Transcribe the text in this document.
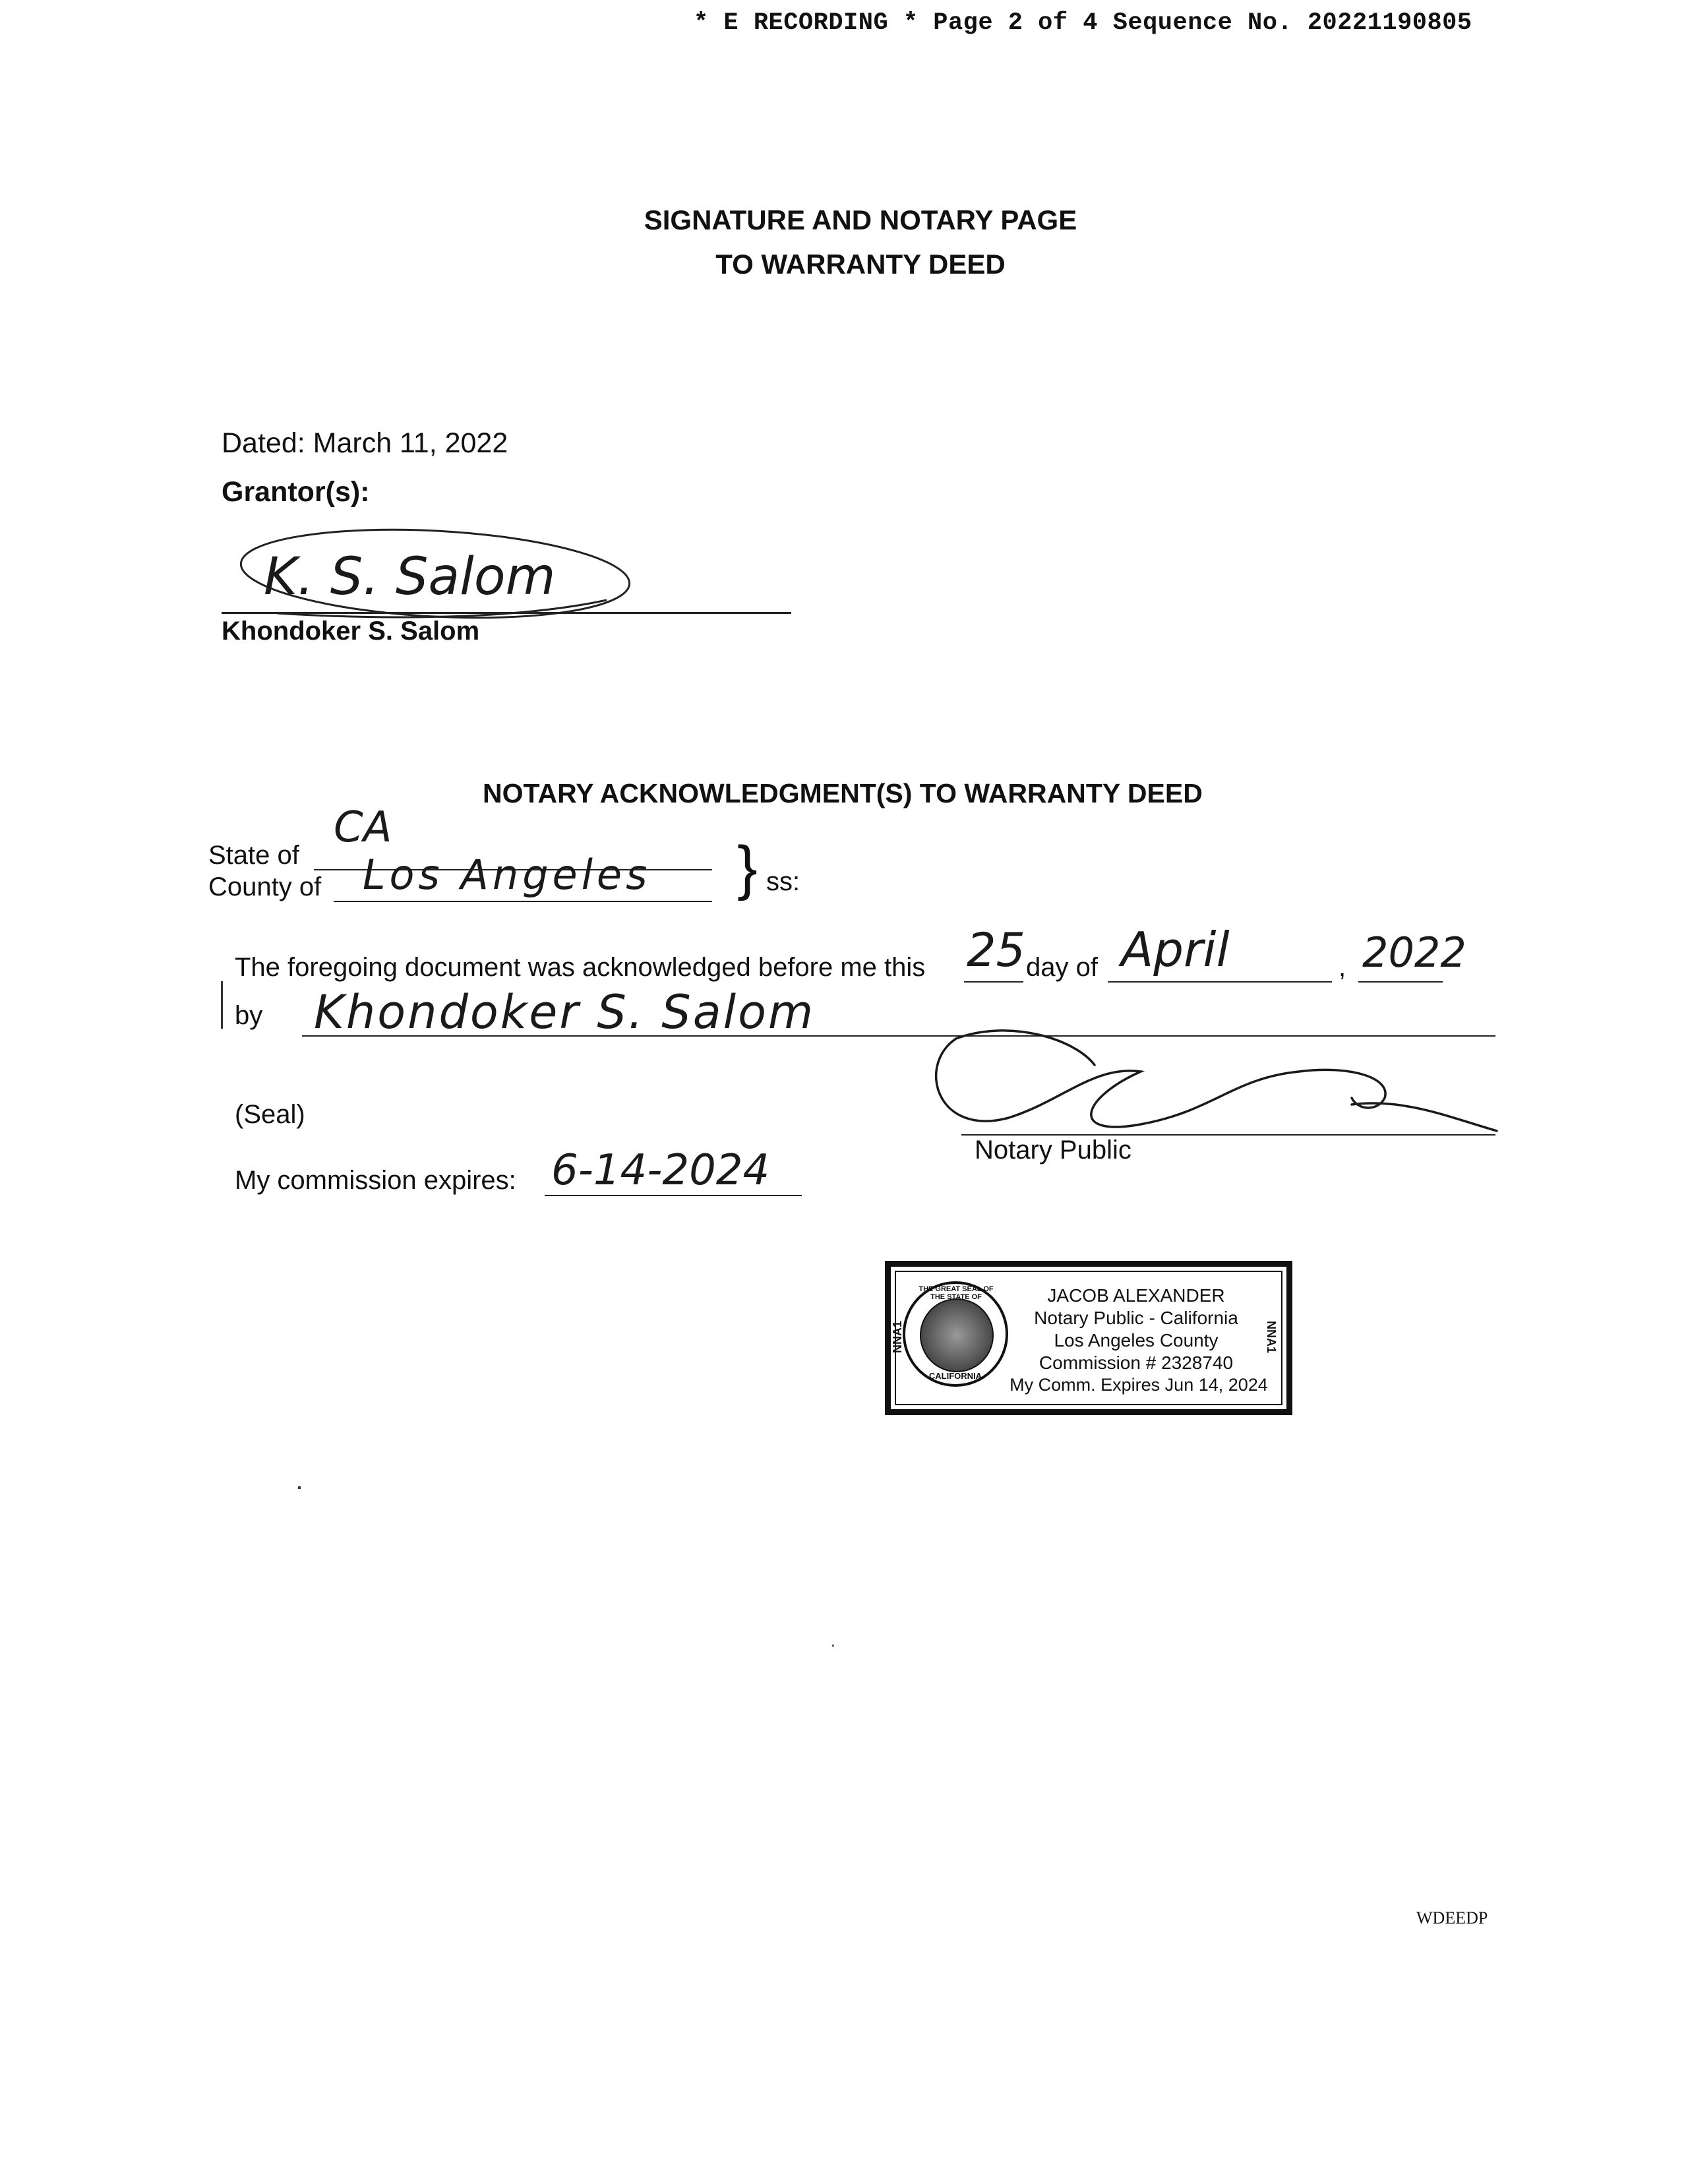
* E RECORDING * Page 2 of 4 Sequence No. 20221190805
SIGNATURE AND NOTARY PAGE
TO WARRANTY DEED
Dated: March 11, 2022
Grantor(s):
K. S. Salom
Khondoker S. Salom
NOTARY ACKNOWLEDGMENT(S) TO WARRANTY DEED
State of
CA
County of Los Angeles } ss:
The foregoing document was acknowledged before me this 25 day of April	, 2022
by Khondoker S. Salom
(Seal)
Notary Public
My commission expires: 6-14-2024
THE GREAT SEAL OF THE STATE OF
CALIFORNIA
NNA1	NNA1
JACOB ALEXANDER
Notary Public - California
Los Angeles County
Commission # 2328740
My Comm. Expires Jun 14, 2024
WDEEDP
